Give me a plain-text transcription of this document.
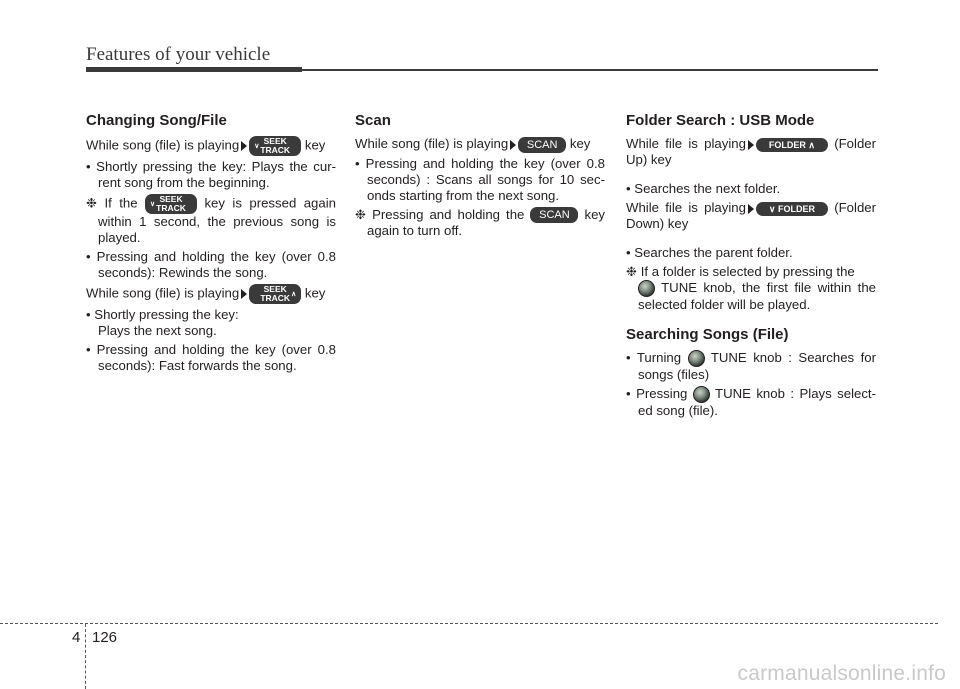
Features of your vehicle
Changing Song/File

While song (file) is playing ∨
SEEK
TRACK key

• Shortly pressing the key: Plays the cur- rent song from the beginning.

❉ If the ∨
SEEK
TRACK	key is pressed again within 1 second, the previous song is played.

• Pressing and holding the key (over 0.8 seconds): Rewinds the song.

While song (file) is playing	SEEK
TRACK ∧ key

• Shortly pressing the key:
Plays the next song.

• Pressing and holding the key (over 0.8 seconds): Fast forwards the song.

Scan

While song (file) is playing SCAN key

• Pressing and holding the key (over 0.8 seconds) : Scans all songs for 10 sec- onds starting from the next song.

❉ Pressing and holding the SCAN key again to turn off.

Folder Search : USB Mode

While file is playing	FOLDER ∧ (Folder Up) key

• Searches the next folder.

While file is playing	∨ FOLDER (Folder Down) key

• Searches the parent folder.

❉ If a folder is selected by pressing the
TUNE knob, the first file within the selected folder will be played.

Searching Songs (File)

• Turning  TUNE knob : Searches for songs (files)

• Pressing  TUNE knob : Plays select- ed song (file).

4 126
carmanualsonline.info
